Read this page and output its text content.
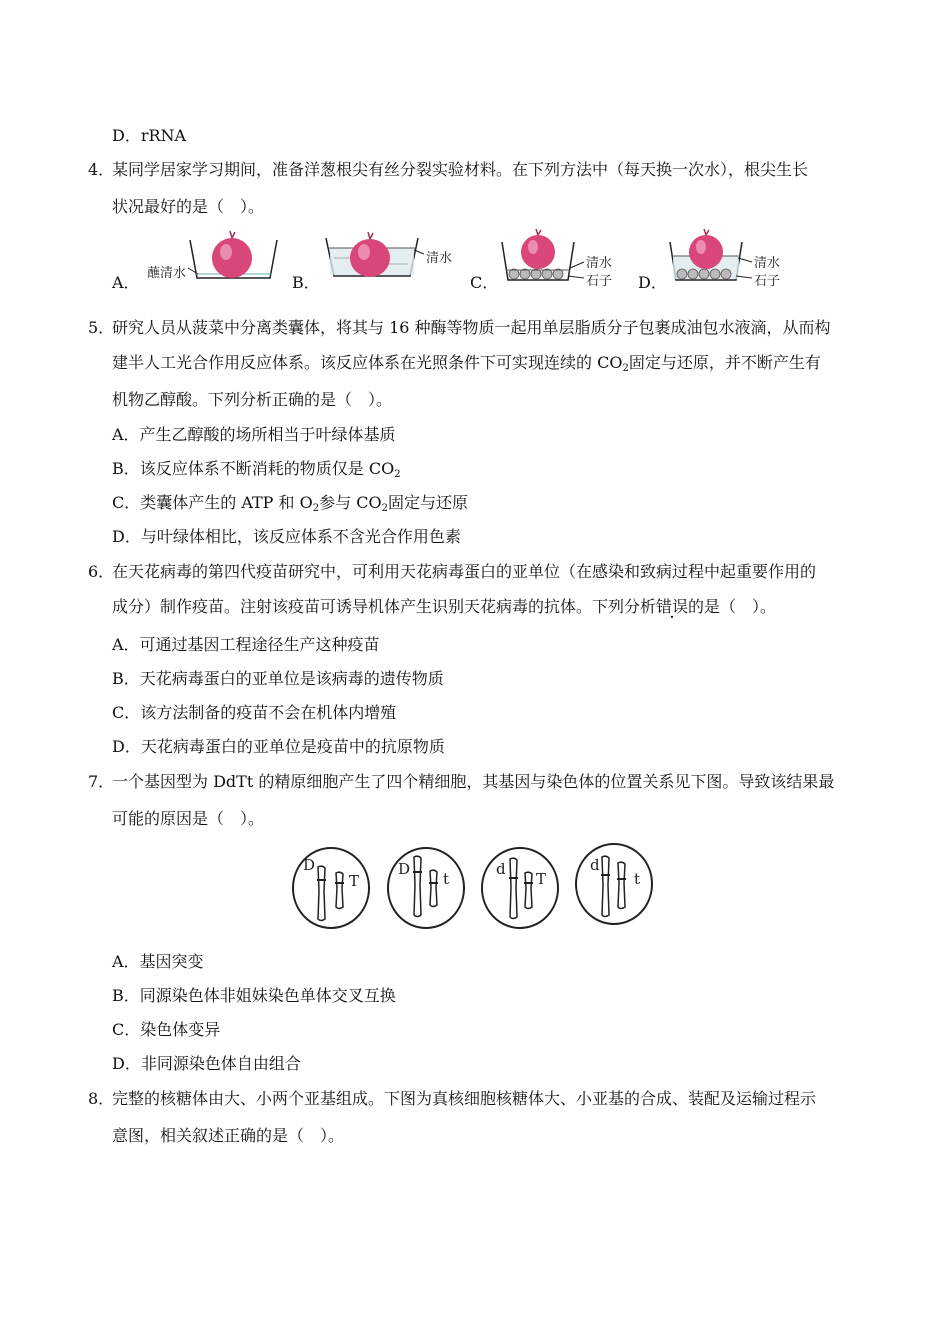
D．rRNA
4．某同学居家学习期间，准备洋葱根尖有丝分裂实验材料。在下列方法中（每天换一次水），根尖生长
状况最好的是（　）。
A． 蘸清水	B．
清水
C．
清水
石子 D．
清水
石子
5．研究人员从菠菜中分离类囊体，将其与 16 种酶等物质一起用单层脂质分子包裹成油包水液滴，从而构
建半人工光合作用反应体系。该反应体系在光照条件下可实现连续的 $CO_2$固定与还原，并不断产生有
机物乙醇酸。下列分析正确的是（　）。
A．产生乙醇酸的场所相当于叶绿体基质
B．该反应体系不断消耗的物质仅是 $CO_2$
C．类囊体产生的 ATP 和 $O_2$参与 $CO_2$固定与还原
D．与叶绿体相比，该反应体系不含光合作用色素
6．在天花病毒的第四代疫苗研究中，可利用天花病毒蛋白的亚单位（在感染和致病过程中起重要作用的
成分）制作疫苗。注射该疫苗可诱导机体产生识别天花病毒的抗体。下列分析错误的是（　）。
A．可通过基因工程途径生产这种疫苗
B．天花病毒蛋白的亚单位是该病毒的遗传物质
C．该方法制备的疫苗不会在机体内增殖
D．天花病毒蛋白的亚单位是疫苗中的抗原物质
7．一个基因型为 DdTt 的精原细胞产生了四个精细胞，其基因与染色体的位置关系见下图。导致该结果最
可能的原因是（　）。
D
T
D
t
d
T
d
t
A．基因突变
B．同源染色体非姐妹染色单体交叉互换
C．染色体变异
D．非同源染色体自由组合
8．完整的核糖体由大、小两个亚基组成。下图为真核细胞核糖体大、小亚基的合成、装配及运输过程示
意图，相关叙述正确的是（　）。
